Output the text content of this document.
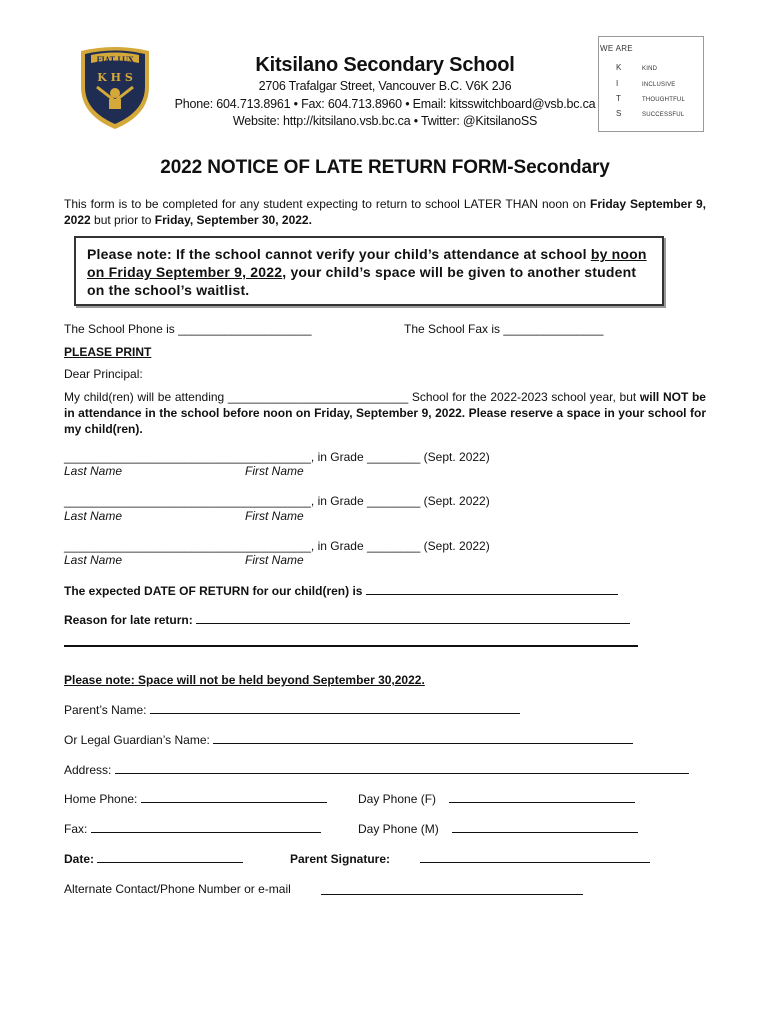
FIAT LUX
K H S
Kitsilano Secondary School
2706 Trafalgar Street, Vancouver B.C. V6K 2J6
Phone: 604.713.8961 • Fax: 604.713.8960 • Email: kitsswitchboard@vsb.bc.ca
Website: http://kitsilano.vsb.bc.ca • Twitter: @KitsilanoSS
WE ARE
K	KIND
I	INCLUSIVE
T	THOUGHTFUL
S	SUCCESSFUL
2022 NOTICE OF LATE RETURN FORM-Secondary
This form is to be completed for any student expecting to return to school LATER THAN noon on Friday September 9, 2022 but prior to Friday, September 30, 2022.
Please note: If the school cannot verify your child’s attendance at school by noon on Friday September 9, 2022, your child’s space will be given to another student on the school’s waitlist.
The School Phone is ____________________	The School Fax is _______________
PLEASE PRINT
Dear Principal:
My child(ren) will be attending ___________________________ School for the 2022-2023 school year, but will NOT be in attendance in the school before noon on Friday, September 9, 2022. Please reserve a space in your school for my child(ren).
_____________________________________, in Grade ________ (Sept. 2022)
Last Name	First Name
_____________________________________, in Grade ________ (Sept. 2022)
Last Name	First Name
_____________________________________, in Grade ________ (Sept. 2022)
Last Name	First Name
The expected DATE OF RETURN for our child(ren) is
Reason for late return:
Please note: Space will not be held beyond September 30,2022.
Parent’s Name:
Or Legal Guardian’s Name:
Address:
Home Phone:	Day Phone (F)
Fax:	Day Phone (M)
Date:	Parent Signature:
Alternate Contact/Phone Number or e-mail
